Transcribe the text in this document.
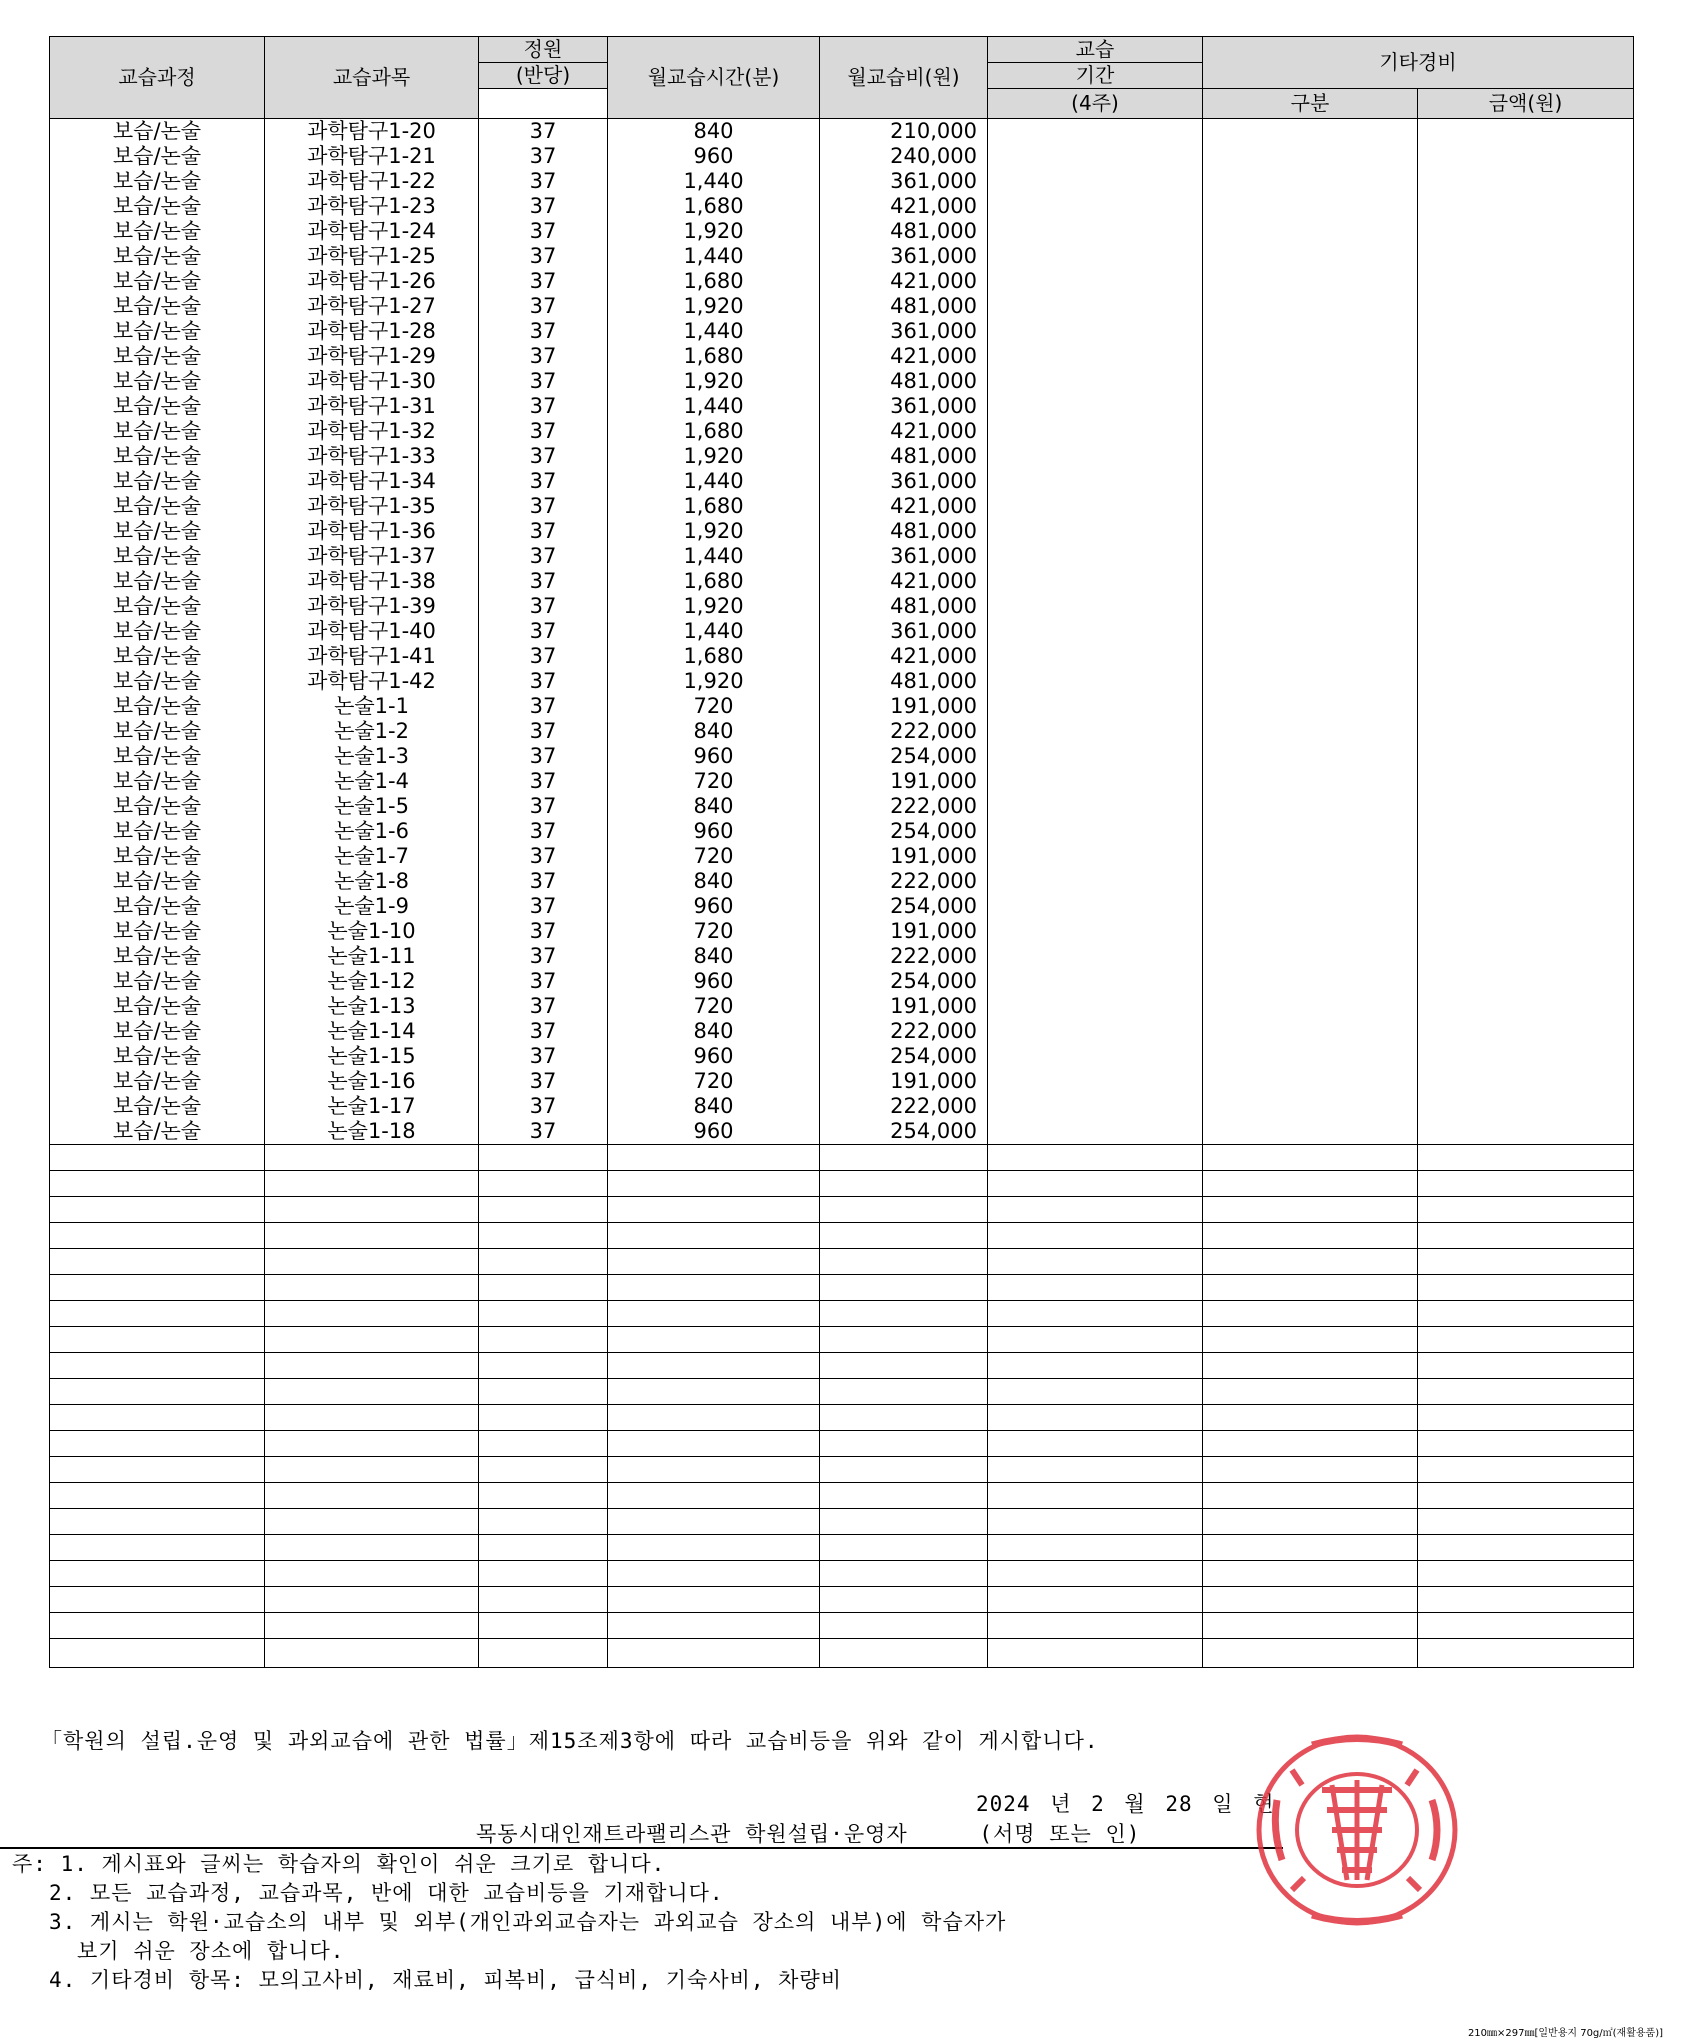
교습과정	교습과목	정원	월교습시간(분)	월교습비(원)	교습	기타경비	
		(반당)			기간		
					(4주)	구분	금액(원)
보습/논술	과학탐구1-20	37	840	210,000			
보습/논술	과학탐구1-21	37	960	240,000			
보습/논술	과학탐구1-22	37	1,440	361,000			
보습/논술	과학탐구1-23	37	1,680	421,000			
보습/논술	과학탐구1-24	37	1,920	481,000			
보습/논술	과학탐구1-25	37	1,440	361,000			
보습/논술	과학탐구1-26	37	1,680	421,000			
보습/논술	과학탐구1-27	37	1,920	481,000			
보습/논술	과학탐구1-28	37	1,440	361,000			
보습/논술	과학탐구1-29	37	1,680	421,000			
보습/논술	과학탐구1-30	37	1,920	481,000			
보습/논술	과학탐구1-31	37	1,440	361,000			
보습/논술	과학탐구1-32	37	1,680	421,000			
보습/논술	과학탐구1-33	37	1,920	481,000			
보습/논술	과학탐구1-34	37	1,440	361,000			
보습/논술	과학탐구1-35	37	1,680	421,000			
보습/논술	과학탐구1-36	37	1,920	481,000			
보습/논술	과학탐구1-37	37	1,440	361,000			
보습/논술	과학탐구1-38	37	1,680	421,000			
보습/논술	과학탐구1-39	37	1,920	481,000			
보습/논술	과학탐구1-40	37	1,440	361,000			
보습/논술	과학탐구1-41	37	1,680	421,000			
보습/논술	과학탐구1-42	37	1,920	481,000			
보습/논술	논술1-1	37	720	191,000			
보습/논술	논술1-2	37	840	222,000			
보습/논술	논술1-3	37	960	254,000			
보습/논술	논술1-4	37	720	191,000			
보습/논술	논술1-5	37	840	222,000			
보습/논술	논술1-6	37	960	254,000			
보습/논술	논술1-7	37	720	191,000			
보습/논술	논술1-8	37	840	222,000			
보습/논술	논술1-9	37	960	254,000			
보습/논술	논술1-10	37	720	191,000			
보습/논술	논술1-11	37	840	222,000			
보습/논술	논술1-12	37	960	254,000			
보습/논술	논술1-13	37	720	191,000			
보습/논술	논술1-14	37	840	222,000			
보습/논술	논술1-15	37	960	254,000			
보습/논술	논술1-16	37	720	191,000			
보습/논술	논술1-17	37	840	222,000			
보습/논술	논술1-18	37	960	254,000			

「학원의 설립.운영 및 과외교습에 관한 법률」제15조제3항에 따라 교습비등을 위와 같이 게시합니다.
2024 년 2 월 28 일 현
목동시대인재트라팰리스관 학원설립·운영자	(서명 또는 인)
주: 1. 게시표와 글씨는 학습자의 확인이 쉬운 크기로 합니다.
2. 모든 교습과정, 교습과목, 반에 대한 교습비등을 기재합니다.
3. 게시는 학원·교습소의 내부 및 외부(개인과외교습자는 과외교습 장소의 내부)에 학습자가
보기 쉬운 장소에 합니다.
4. 기타경비 항목: 모의고사비, 재료비, 피복비, 급식비, 기숙사비, 차량비
210㎜×297㎜[일반용지 70g/㎡(재활용품)]
